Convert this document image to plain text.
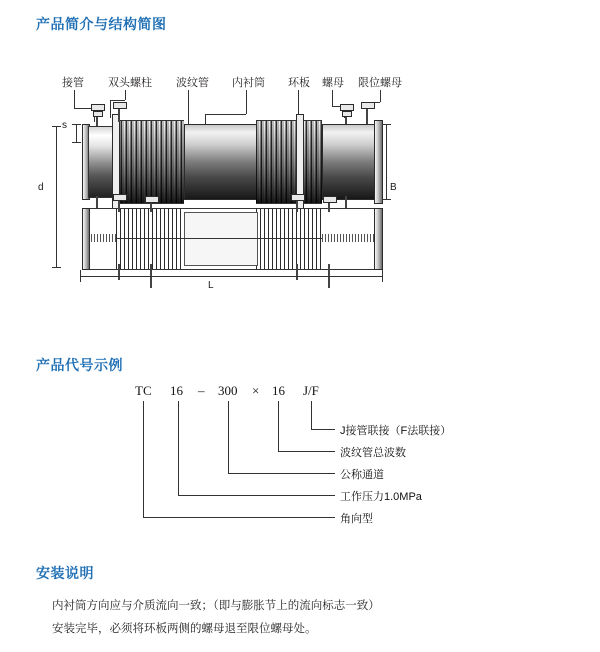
产品简介与结构简图
产品代号示例
安装说明
接管 双头螺柱 波纹管 内衬筒 环板 螺母 限位螺母
s
d	B
L
TC 16 – 300 × 16 J/F
J接管联接（F法联接）
波纹管总波数
公称通道
工作压力1.0MPa
角向型

内衬筒方向应与介质流向一致；（即与膨胀节上的流向标志一致）

安装完毕，必须将环板两侧的螺母退至限位螺母处。
